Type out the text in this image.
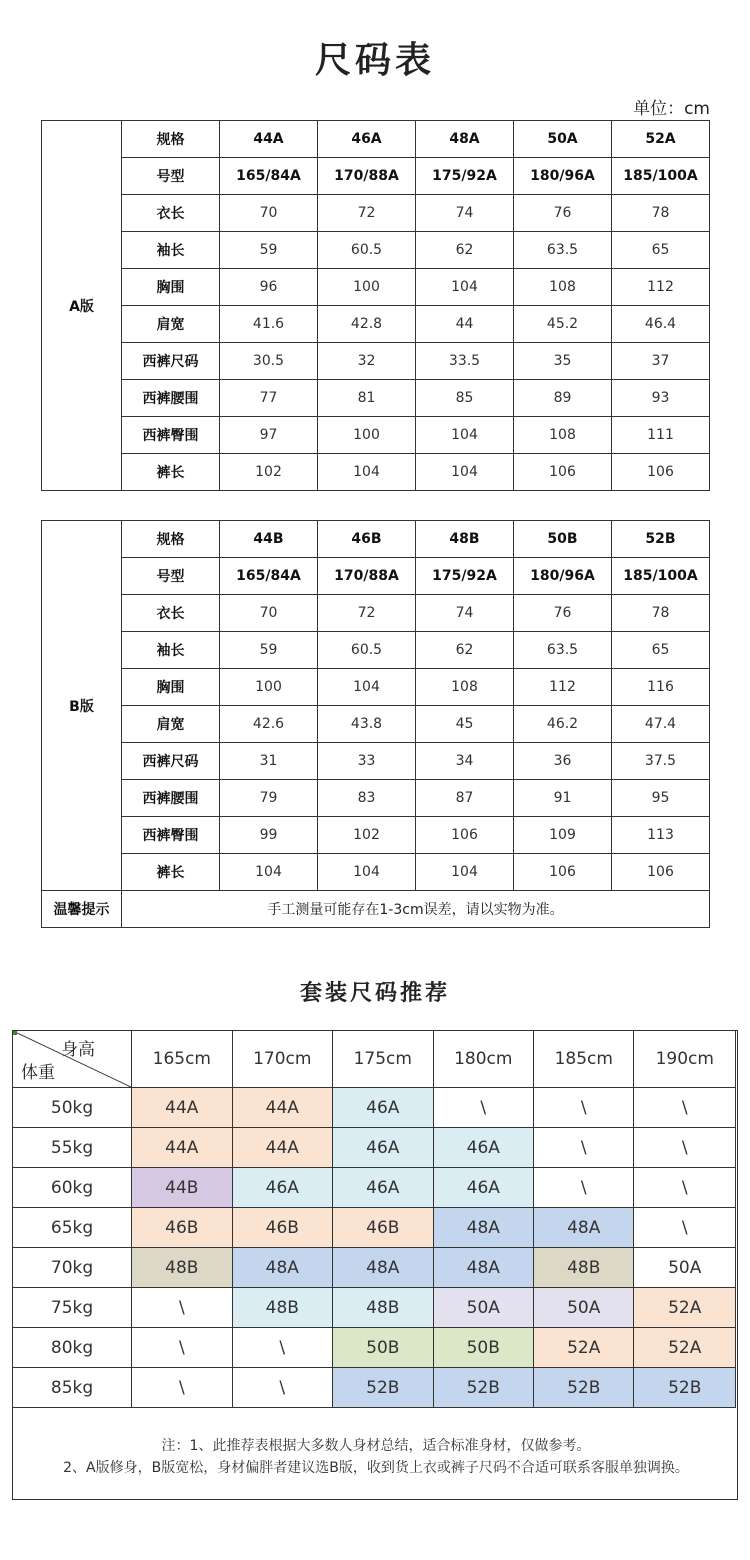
尺码表
单位：cm
A版	规格	44A	46A	48A	50A	52A
	号型	165/84A	170/88A	175/92A	180/96A	185/100A
	衣长	70	72	74	76	78
	袖长	59	60.5	62	63.5	65
	胸围	96	100	104	108	112
	肩宽	41.6	42.8	44	45.2	46.4
	西裤尺码	30.5	32	33.5	35	37
	西裤腰围	77	81	85	89	93
	西裤臀围	97	100	104	108	111
	裤长	102	104	104	106	106
B版	规格	44B	46B	48B	50B	52B
	号型	165/84A	170/88A	175/92A	180/96A	185/100A
	衣长	70	72	74	76	78
	袖长	59	60.5	62	63.5	65
	胸围	100	104	108	112	116
	肩宽	42.6	43.8	45	46.2	47.4
	西裤尺码	31	33	34	36	37.5
	西裤腰围	79	83	87	91	95
	西裤臀围	99	102	106	109	113
	裤长	104	104	104	106	106
温馨提示	手工测量可能存在1-3cm误差，请以实物为准。					
套装尺码推荐
身高
体重	165cm	170cm	175cm	180cm	185cm	190cm
50kg	44A	44A	46A	\	\	\
55kg	44A	44A	46A	46A	\	\
60kg	44B	46A	46A	46A	\	\
65kg	46B	46B	46B	48A	48A	\
70kg	48B	48A	48A	48A	48B	50A
75kg	\	48B	48B	50A	50A	52A
80kg	\	\	50B	50B	52A	52A
85kg	\	\	52B	52B	52B	52B
注：1、此推荐表根据大多数人身材总结，适合标准身材，仅做参考。
2、A版修身，B版宽松，身材偏胖者建议选B版，收到货上衣或裤子尺码不合适可联系客服单独调换。
